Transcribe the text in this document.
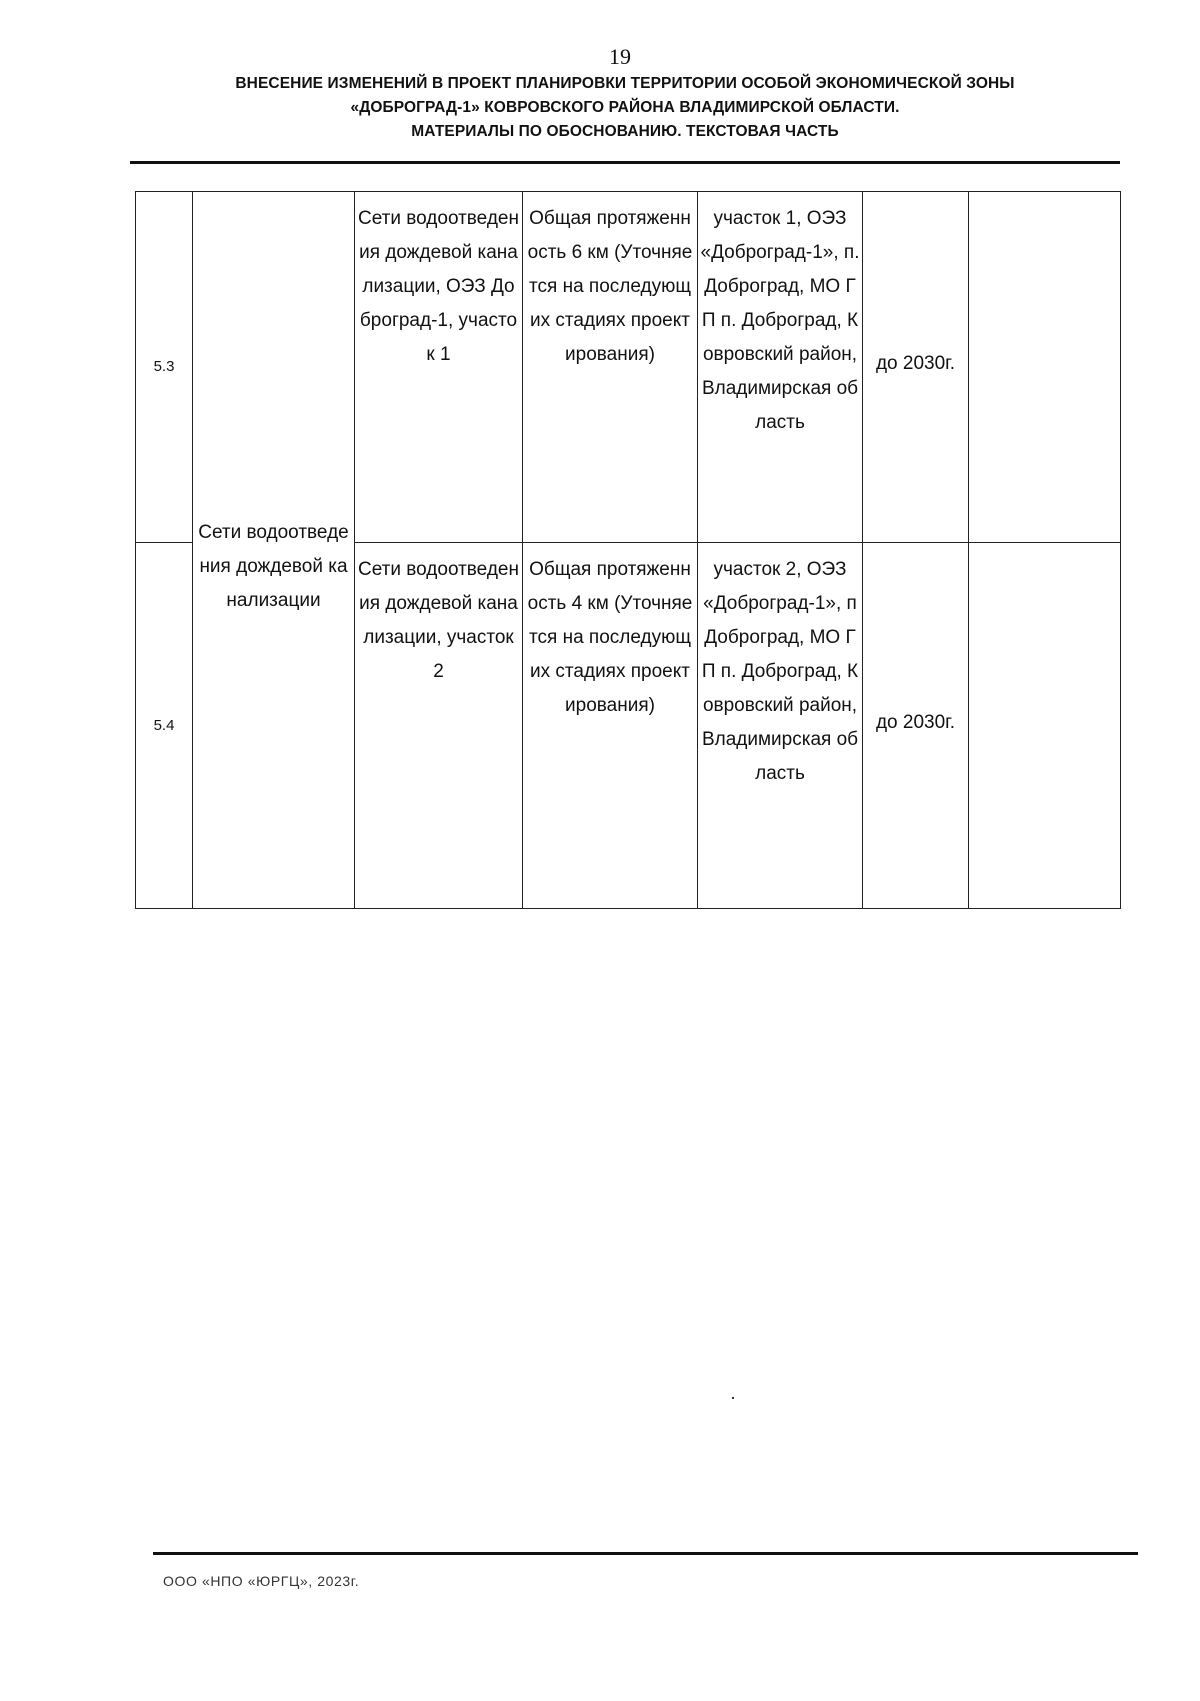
19
ВНЕСЕНИЕ ИЗМЕНЕНИЙ В ПРОЕКТ ПЛАНИРОВКИ ТЕРРИТОРИИ ОСОБОЙ ЭКОНОМИЧЕСКОЙ ЗОНЫ
«ДОБРОГРАД-1» КОВРОВСКОГО РАЙОНА ВЛАДИМИРСКОЙ ОБЛАСТИ.
МАТЕРИАЛЫ ПО ОБОСНОВАНИЮ. ТЕКСТОВАЯ ЧАСТЬ
5.3	Сети водоотведения дождевой канализации	Сети водоотведения дождевой канализации, ОЭЗ Доброград-1, участок 1	Общая протяженность 6 км (Уточняется на последующих стадиях проектирования)	участок 1, ОЭЗ «Доброград-1», п. Доброград, МО ГП п. Доброград, Ковровский район, Владимирская область	до 2030г.	
5.4		Сети водоотведения дождевой канализации, участок 2	Общая протяженность 4 км (Уточняется на последующих стадиях проектирования)	участок 2, ОЭЗ «Доброград-1», п Доброград, МО ГП п. Доброград, Ковровский район, Владимирская область	до 2030г.	
ООО «НПО «ЮРГЦ», 2023г.
